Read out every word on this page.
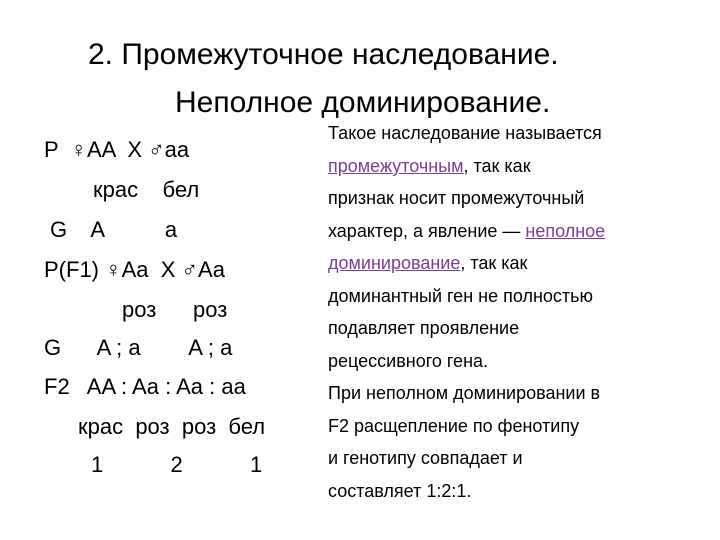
2. Промежуточное наследование.
Неполное доминирование.
P  ♀AA  X ♂aa
крас    бел
G    A          a
P(F1) ♀Aa  X ♂Aa
роз      роз
G      A ; a        A ; a
F2   AA : Aa : Aa : aa
крас  роз  роз  бел
1           2           1
Такое наследование называется
промежуточным, так как
признак носит промежуточный
характер, а явление — неполное
доминирование, так как
доминантный ген не полностью
подавляет проявление
рецессивного гена.
При неполном доминировании в
F2 расщепление по фенотипу
и генотипу совпадает и
составляет 1:2:1.
